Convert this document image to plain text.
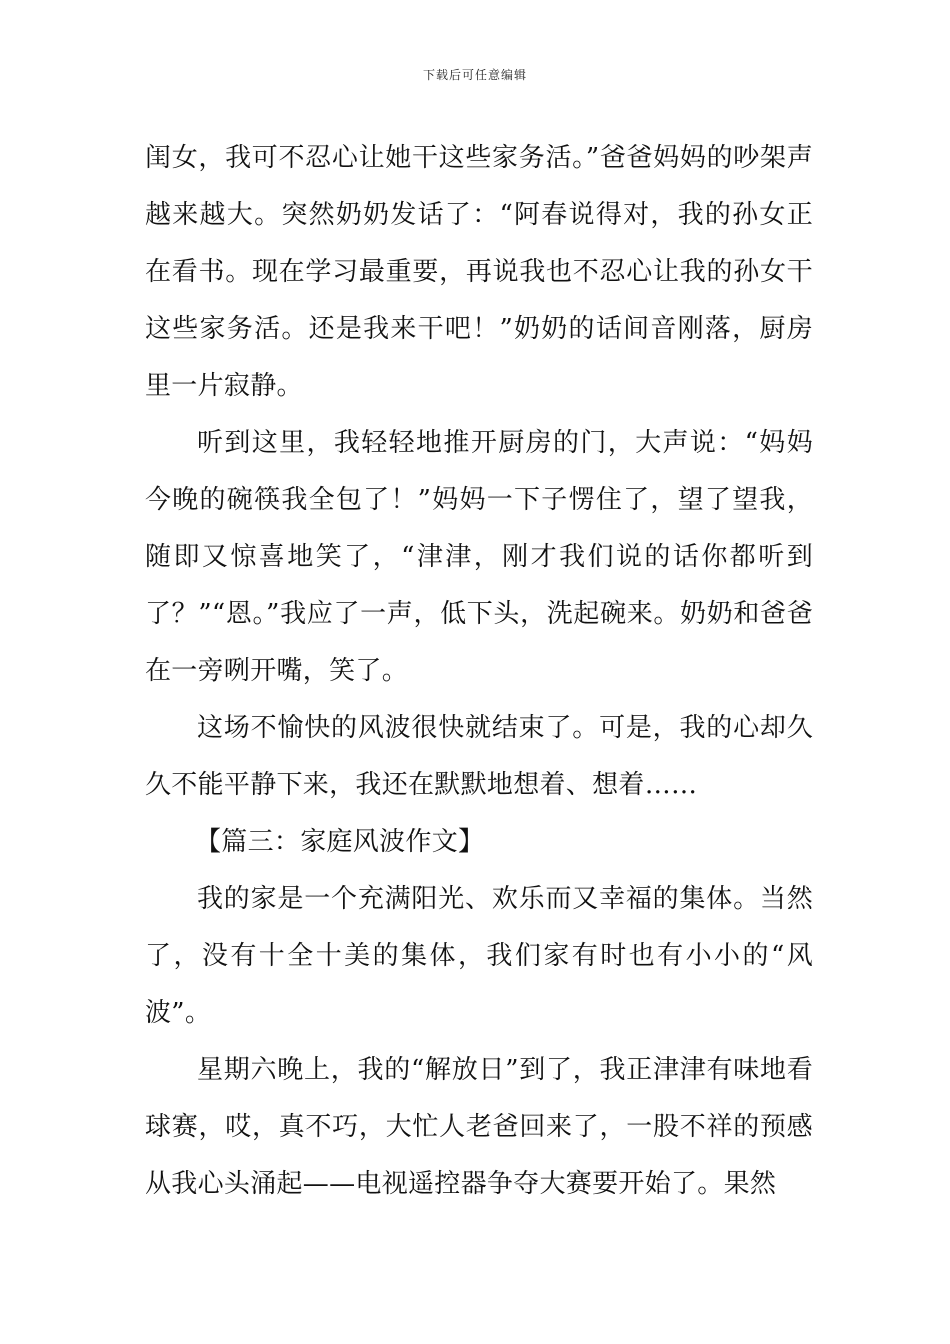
下载后可任意编辑

闺女，我可不忍心让她干这些家务活。”爸爸妈妈的吵架声越来越大。突然奶奶发话了：“阿春说得对，我的孙女正在看书。现在学习最重要，再说我也不忍心让我的孙女干这些家务活。还是我来干吧！”奶奶的话间音刚落，厨房里一片寂静。

听到这里，我轻轻地推开厨房的门，大声说：“妈妈今晚的碗筷我全包了！”妈妈一下子愣住了，望了望我，随即又惊喜地笑了，“津津，刚才我们说的话你都听到了？”“恩。”我应了一声，低下头，洗起碗来。奶奶和爸爸在一旁咧开嘴，笑了。

这场不愉快的风波很快就结束了。可是，我的心却久久不能平静下来，我还在默默地想着、想着……

【篇三：家庭风波作文】

我的家是一个充满阳光、欢乐而又幸福的集体。当然了，没有十全十美的集体，我们家有时也有小小的“风波”。

星期六晚上，我的“解放日”到了，我正津津有味地看球赛，哎，真不巧，大忙人老爸回来了，一股不祥的预感从我心头涌起——电视遥控器争夺大赛要开始了。果然
